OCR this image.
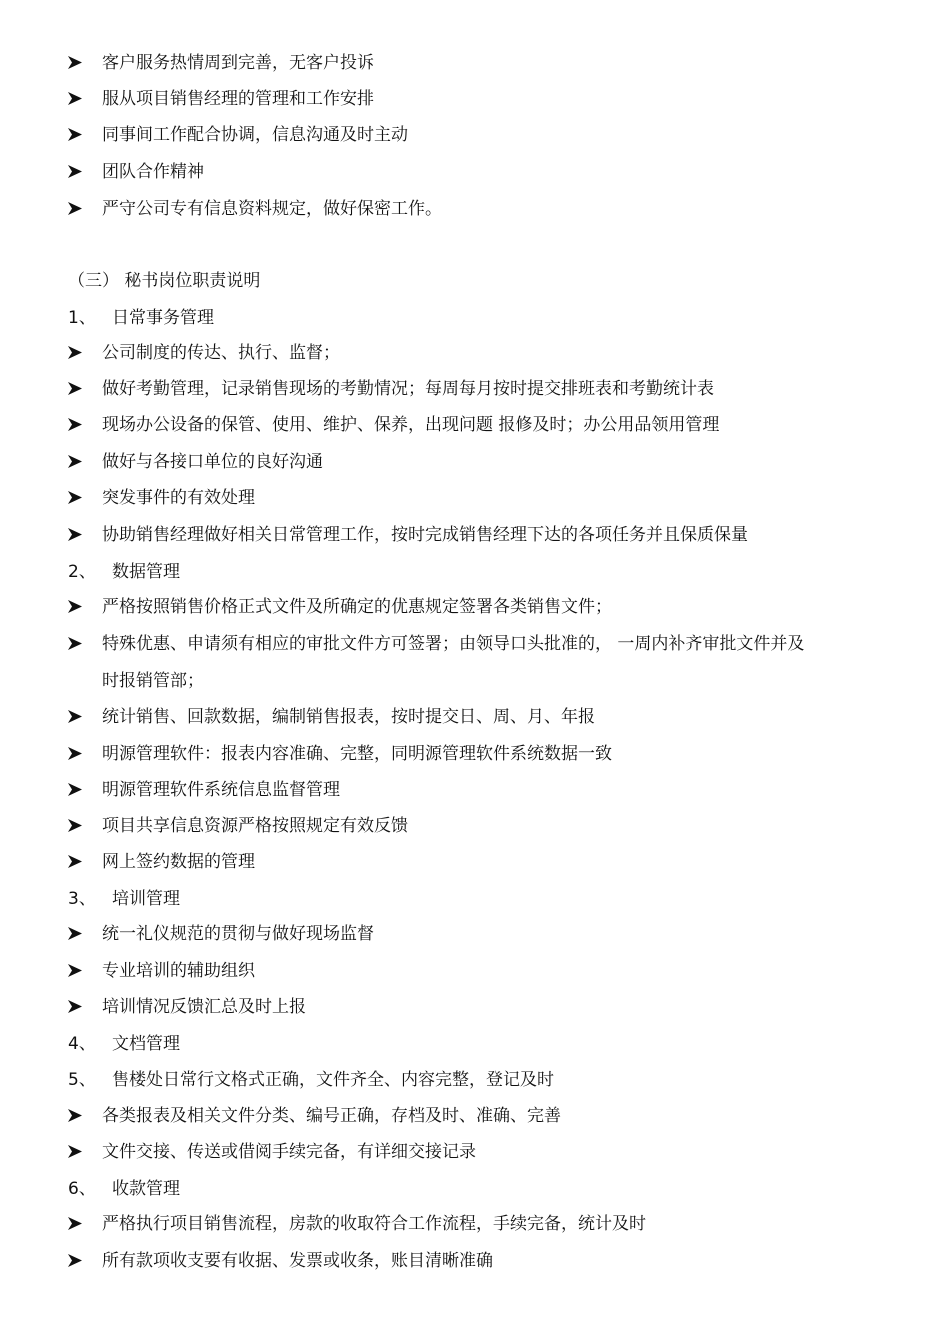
客户服务热情周到完善，无客户投诉
服从项目销售经理的管理和工作安排
同事间工作配合协调，信息沟通及时主动
团队合作精神
严守公司专有信息资料规定，做好保密工作。
（三） 秘书岗位职责说明
1、 日常事务管理
公司制度的传达、执行、监督；
做好考勤管理，记录销售现场的考勤情况；每周每月按时提交排班表和考勤统计表
现场办公设备的保管、使用、维护、保养，出现问题 报修及时；办公用品领用管理
做好与各接口单位的良好沟通
突发事件的有效处理
协助销售经理做好相关日常管理工作，按时完成销售经理下达的各项任务并且保质保量
2、 数据管理
严格按照销售价格正式文件及所确定的优惠规定签署各类销售文件；
特殊优惠、申请须有相应的审批文件方可签署；由领导口头批准的， 一周内补齐审批文件并及
时报销管部；
统计销售、回款数据，编制销售报表，按时提交日、周、月、年报
明源管理软件：报表内容准确、完整，同明源管理软件系统数据一致
明源管理软件系统信息监督管理
项目共享信息资源严格按照规定有效反馈
网上签约数据的管理
3、 培训管理
统一礼仪规范的贯彻与做好现场监督
专业培训的辅助组织
培训情况反馈汇总及时上报
4、 文档管理
5、 售楼处日常行文格式正确，文件齐全、内容完整，登记及时
各类报表及相关文件分类、编号正确，存档及时、准确、完善
文件交接、传送或借阅手续完备，有详细交接记录
6、 收款管理
严格执行项目销售流程，房款的收取符合工作流程，手续完备，统计及时
所有款项收支要有收据、发票或收条，账目清晰准确
